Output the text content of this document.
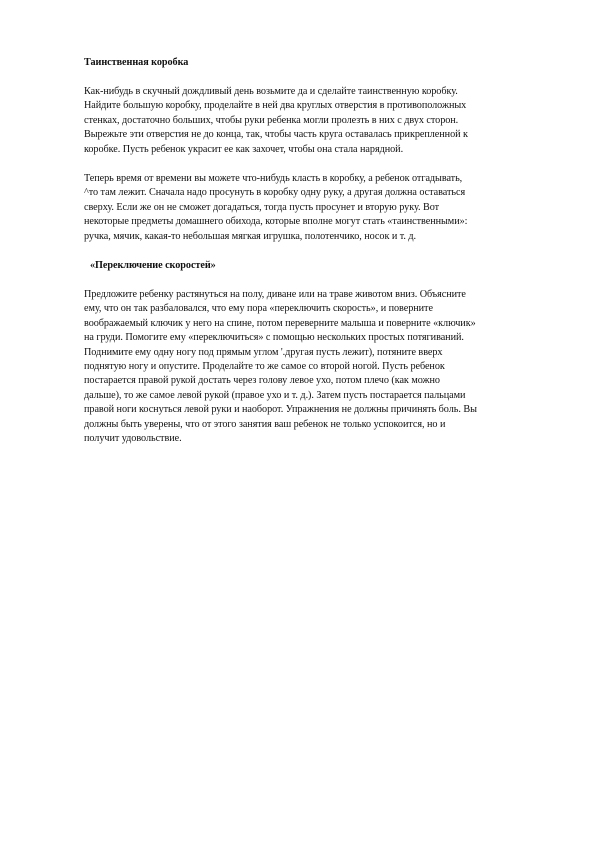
Таинственная коробка
Как-нибудь в скучный дождливый день возьмите да и сделайте таинственную коробку.
Найдите большую коробку, проделайте в ней два круглых отверстия в противоположных
стенках, достаточно больших, чтобы руки ребенка могли пролезть в них с двух сторон.
Вырежьте эти отверстия не до конца, так, чтобы часть круга оставалась прикрепленной к
коробке. Пусть ребенок украсит ее как захочет, чтобы она стала нарядной.
Теперь время от времени вы можете что-нибудь класть в коробку, а ребенок отгадывать,
^то там лежит. Сначала надо просунуть в коробку одну руку, а другая должна оставаться
сверху. Если же он не сможет догадаться, тогда пусть просунет и вторую руку. Вот
некоторые предметы домашнего обихода, которые вполне могут стать «таинственными»:
ручка, мячик, какая-то небольшая мягкая игрушка, полотенчико, носок и т. д.
«Переключение скоростей»
Предложите ребенку растянуться на полу, диване или на траве животом вниз. Объясните
ему, что он так разбаловался, что ему пора «переключить скорость», и поверните
воображаемый ключик у него на спине, потом переверните малыша и поверните «ключик»
на груди. Помогите ему «переключиться» с помощью нескольких простых потягиваний.
Поднимите ему одну ногу под прямым углом '.другая пусть лежит), потяните вверх
поднятую ногу и опустите. Проделайте то же самое со второй ногой. Пусть ребенок
постарается правой рукой достать через голову левое ухо, потом плечо (как можно
дальше), то же самое левой рукой (правое ухо и т. д.). Затем пусть постарается пальцами
правой ноги коснуться левой руки и наоборот. Упражнения не должны причинять боль. Вы
должны быть уверены, что от этого занятия ваш ребенок не только успокоится, но и
получит удовольствие.
